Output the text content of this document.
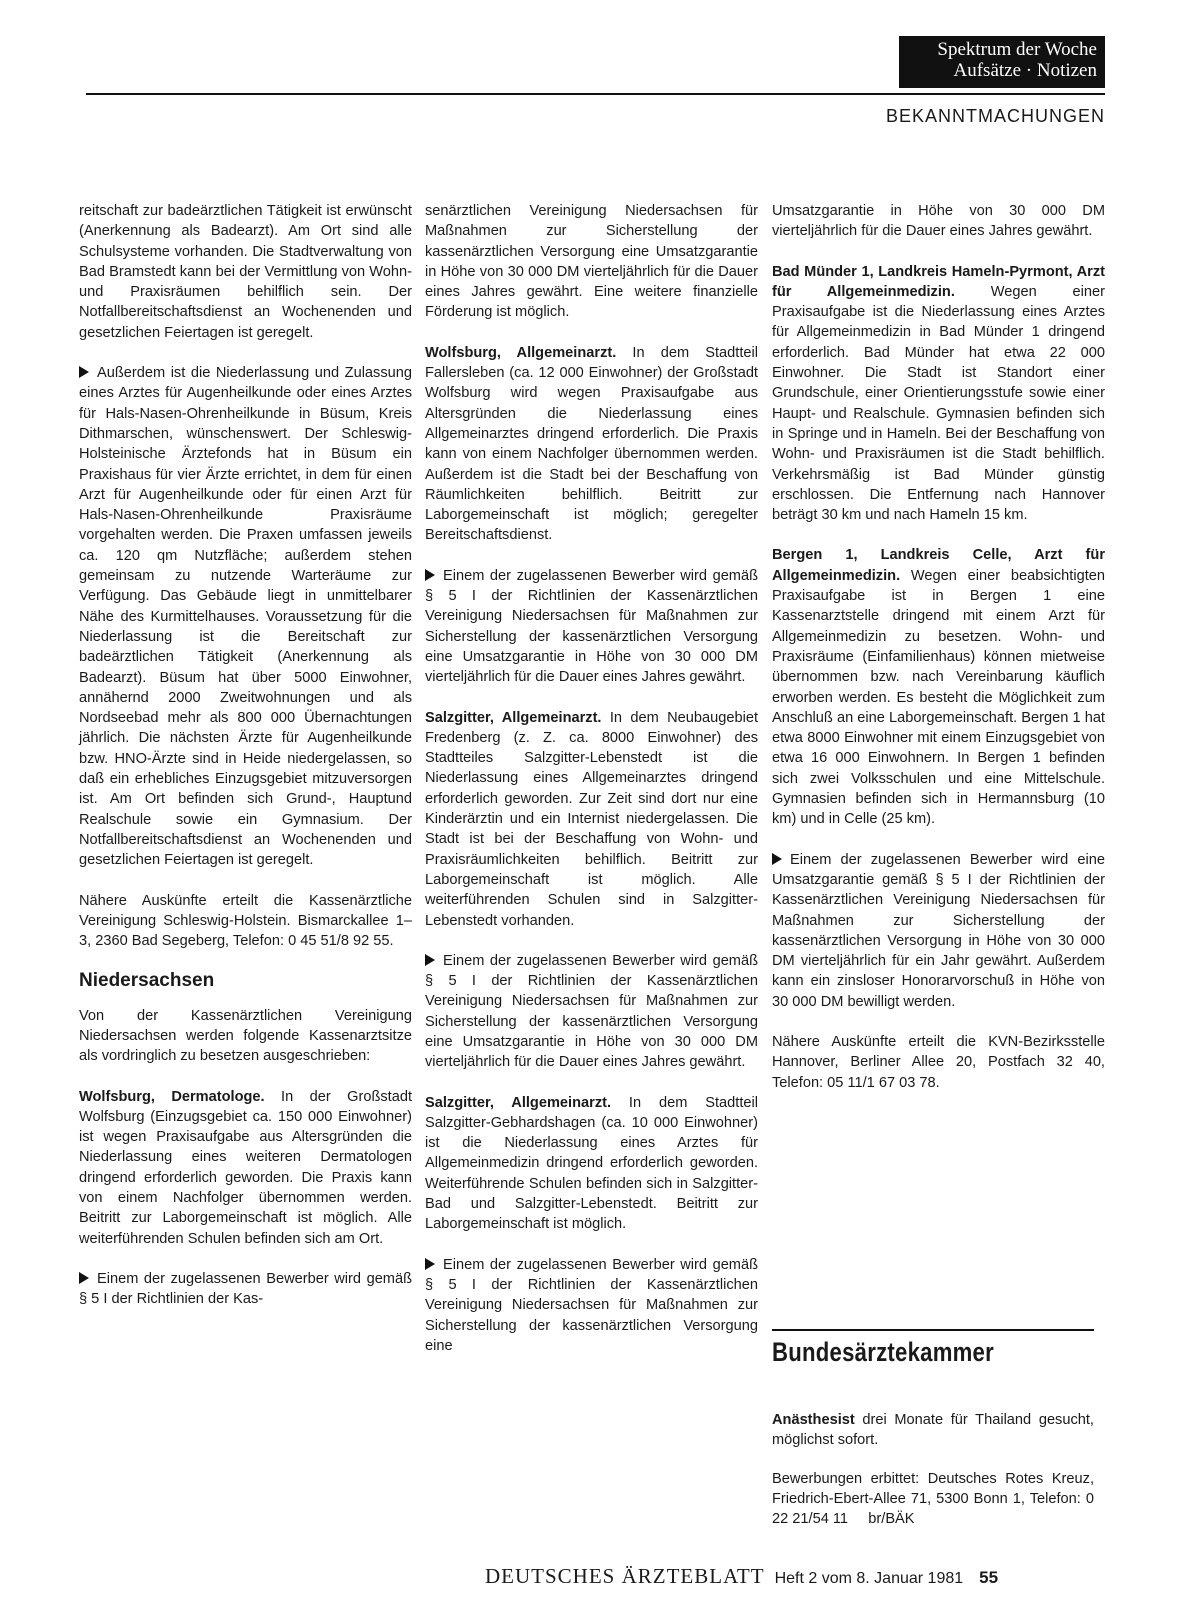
Spektrum der Woche
Aufsätze · Notizen
BEKANNTMACHUNGEN

reitschaft zur badeärztlichen Tätigkeit ist erwünscht (Anerkennung als Badearzt). Am Ort sind alle Schulsysteme vorhanden. Die Stadtverwaltung von Bad Bramstedt kann bei der Vermittlung von Wohn- und Praxisräumen behilflich sein. Der Notfallbereitschaftsdienst an Wochenenden und gesetzlichen Feiertagen ist geregelt.

Außerdem ist die Niederlassung und Zulassung eines Arztes für Augenheilkunde oder eines Arztes für Hals-Nasen-Ohrenheilkunde in Büsum, Kreis Dithmarschen, wünschenswert. Der Schleswig-Holsteinische Ärztefonds hat in Büsum ein Praxishaus für vier Ärzte errichtet, in dem für einen Arzt für Augenheilkunde oder für einen Arzt für Hals-Nasen-Ohrenheilkunde Praxisräume vorgehalten werden. Die Praxen umfassen jeweils ca. 120 qm Nutzfläche; außerdem stehen gemeinsam zu nutzende Warteräume zur Verfügung. Das Gebäude liegt in unmittelbarer Nähe des Kurmittelhauses. Voraussetzung für die Niederlassung ist die Bereitschaft zur badeärztlichen Tätigkeit (Anerkennung als Badearzt). Büsum hat über 5000 Einwohner, annähernd 2000 Zweitwohnungen und als Nordseebad mehr als 800 000 Übernachtungen jährlich. Die nächsten Ärzte für Augenheilkunde bzw. HNO-Ärzte sind in Heide niedergelassen, so daß ein erhebliches Einzugsgebiet mitzuversorgen ist. Am Ort befinden sich Grund-, Hauptund Realschule sowie ein Gymnasium. Der Notfallbereitschaftsdienst an Wochenenden und gesetzlichen Feiertagen ist geregelt.

Nähere Auskünfte erteilt die Kassenärztliche Vereinigung Schleswig-Holstein. Bismarckallee 1–3, 2360 Bad Segeberg, Telefon: 0 45 51/8 92 55.

Niedersachsen

Von der Kassenärztlichen Vereinigung Niedersachsen werden folgende Kassenarztsitze als vordringlich zu besetzen ausgeschrieben:

Wolfsburg, Dermatologe. In der Großstadt Wolfsburg (Einzugsgebiet ca. 150 000 Einwohner) ist wegen Praxisaufgabe aus Altersgründen die Niederlassung eines weiteren Dermatologen dringend erforderlich geworden. Die Praxis kann von einem Nachfolger übernommen werden. Beitritt zur Laborgemeinschaft ist möglich. Alle weiterführenden Schulen befinden sich am Ort.

Einem der zugelassenen Bewerber wird gemäß § 5 I der Richtlinien der Kas-

senärztlichen Vereinigung Niedersachsen für Maßnahmen zur Sicherstellung der kassenärztlichen Versorgung eine Umsatzgarantie in Höhe von 30 000 DM vierteljährlich für die Dauer eines Jahres gewährt. Eine weitere finanzielle Förderung ist möglich.

Wolfsburg, Allgemeinarzt. In dem Stadtteil Fallersleben (ca. 12 000 Einwohner) der Großstadt Wolfsburg wird wegen Praxisaufgabe aus Altersgründen die Niederlassung eines Allgemeinarztes dringend erforderlich. Die Praxis kann von einem Nachfolger übernommen werden. Außerdem ist die Stadt bei der Beschaffung von Räumlichkeiten behilflich. Beitritt zur Laborgemeinschaft ist möglich; geregelter Bereitschaftsdienst.

Einem der zugelassenen Bewerber wird gemäß § 5 I der Richtlinien der Kassenärztlichen Vereinigung Niedersachsen für Maßnahmen zur Sicherstellung der kassenärztlichen Versorgung eine Umsatzgarantie in Höhe von 30 000 DM vierteljährlich für die Dauer eines Jahres gewährt.

Salzgitter, Allgemeinarzt. In dem Neubaugebiet Fredenberg (z. Z. ca. 8000 Einwohner) des Stadtteiles Salzgitter-Lebenstedt ist die Niederlassung eines Allgemeinarztes dringend erforderlich geworden. Zur Zeit sind dort nur eine Kinderärztin und ein Internist niedergelassen. Die Stadt ist bei der Beschaffung von Wohn- und Praxisräumlichkeiten behilflich. Beitritt zur Laborgemeinschaft ist möglich. Alle weiterführenden Schulen sind in Salzgitter-Lebenstedt vorhanden.

Einem der zugelassenen Bewerber wird gemäß § 5 I der Richtlinien der Kassenärztlichen Vereinigung Niedersachsen für Maßnahmen zur Sicherstellung der kassenärztlichen Versorgung eine Umsatzgarantie in Höhe von 30 000 DM vierteljährlich für die Dauer eines Jahres gewährt.

Salzgitter, Allgemeinarzt. In dem Stadtteil Salzgitter-Gebhardshagen (ca. 10 000 Einwohner) ist die Niederlassung eines Arztes für Allgemeinmedizin dringend erforderlich geworden. Weiterführende Schulen befinden sich in Salzgitter-Bad und Salzgitter-Lebenstedt. Beitritt zur Laborgemeinschaft ist möglich.

Einem der zugelassenen Bewerber wird gemäß § 5 I der Richtlinien der Kassenärztlichen Vereinigung Niedersachsen für Maßnahmen zur Sicherstellung der kassenärztlichen Versorgung eine

Umsatzgarantie in Höhe von 30 000 DM vierteljährlich für die Dauer eines Jahres gewährt.

Bad Münder 1, Landkreis Hameln-Pyrmont, Arzt für Allgemeinmedizin. Wegen einer Praxisaufgabe ist die Niederlassung eines Arztes für Allgemeinmedizin in Bad Münder 1 dringend erforderlich. Bad Münder hat etwa 22 000 Einwohner. Die Stadt ist Standort einer Grundschule, einer Orientierungsstufe sowie einer Haupt- und Realschule. Gymnasien befinden sich in Springe und in Hameln. Bei der Beschaffung von Wohn- und Praxisräumen ist die Stadt behilflich. Verkehrsmäßig ist Bad Münder günstig erschlossen. Die Entfernung nach Hannover beträgt 30 km und nach Hameln 15 km.

Bergen 1, Landkreis Celle, Arzt für Allgemeinmedizin. Wegen einer beabsichtigten Praxisaufgabe ist in Bergen 1 eine Kassenarztstelle dringend mit einem Arzt für Allgemeinmedizin zu besetzen. Wohn- und Praxisräume (Einfamilienhaus) können mietweise übernommen bzw. nach Vereinbarung käuflich erworben werden. Es besteht die Möglichkeit zum Anschluß an eine Laborgemeinschaft. Bergen 1 hat etwa 8000 Einwohner mit einem Einzugsgebiet von etwa 16 000 Einwohnern. In Bergen 1 befinden sich zwei Volksschulen und eine Mittelschule. Gymnasien befinden sich in Hermannsburg (10 km) und in Celle (25 km).

Einem der zugelassenen Bewerber wird eine Umsatzgarantie gemäß § 5 I der Richtlinien der Kassenärztlichen Vereinigung Niedersachsen für Maßnahmen zur Sicherstellung der kassenärztlichen Versorgung in Höhe von 30 000 DM vierteljährlich für ein Jahr gewährt. Außerdem kann ein zinsloser Honorarvorschuß in Höhe von 30 000 DM bewilligt werden.

Nähere Auskünfte erteilt die KVN-Bezirksstelle Hannover, Berliner Allee 20, Postfach 32 40, Telefon: 05 11/1 67 03 78.

Bundesärztekammer

Anästhesist drei Monate für Thailand gesucht, möglichst sofort.

Bewerbungen erbittet: Deutsches Rotes Kreuz, Friedrich-Ebert-Allee 71, 5300 Bonn 1, Telefon: 0 22 21/54 11     br/BÄK

DEUTSCHES ÄRZTEBLATT Heft 2 vom 8. Januar 1981 55
